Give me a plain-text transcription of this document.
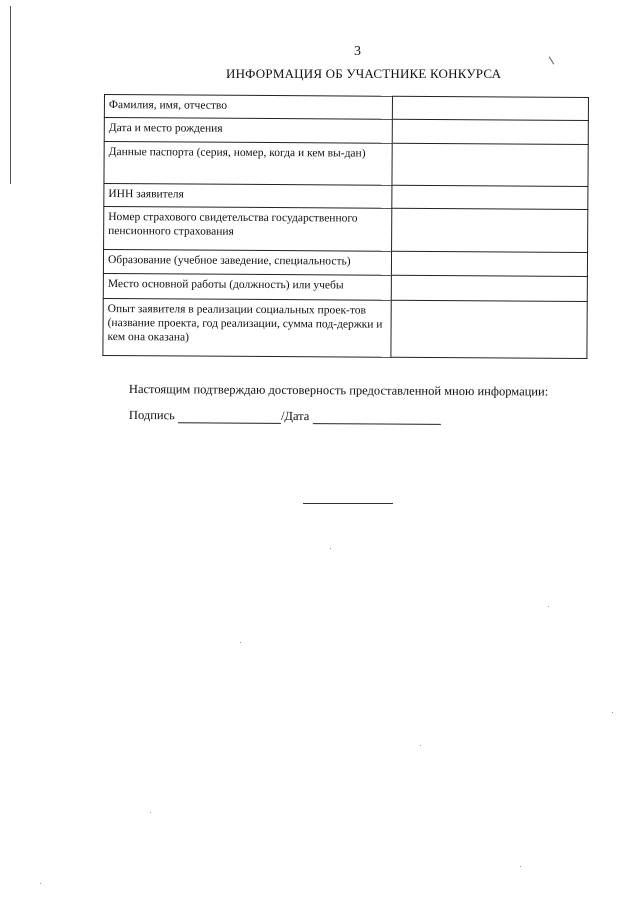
3
ИНФОРМАЦИЯ ОБ УЧАСТНИКЕ КОНКУРСА
Фамилия, имя, отчество	
Дата и место рождения	
Данные паспорта (серия, номер, когда и кем вы-дан)	
ИНН заявителя	
Номер страхового свидетельства государственного пенсионного страхования	
Образование (учебное заведение, специальность)	
Место основной работы (должность) или учебы	
Опыт заявителя в реализации социальных проек-тов (название проекта, год реализации, сумма под-держки и кем она оказана)	
Настоящим подтверждаю достоверность предоставленной мною информации:
Подпись	/Дата
